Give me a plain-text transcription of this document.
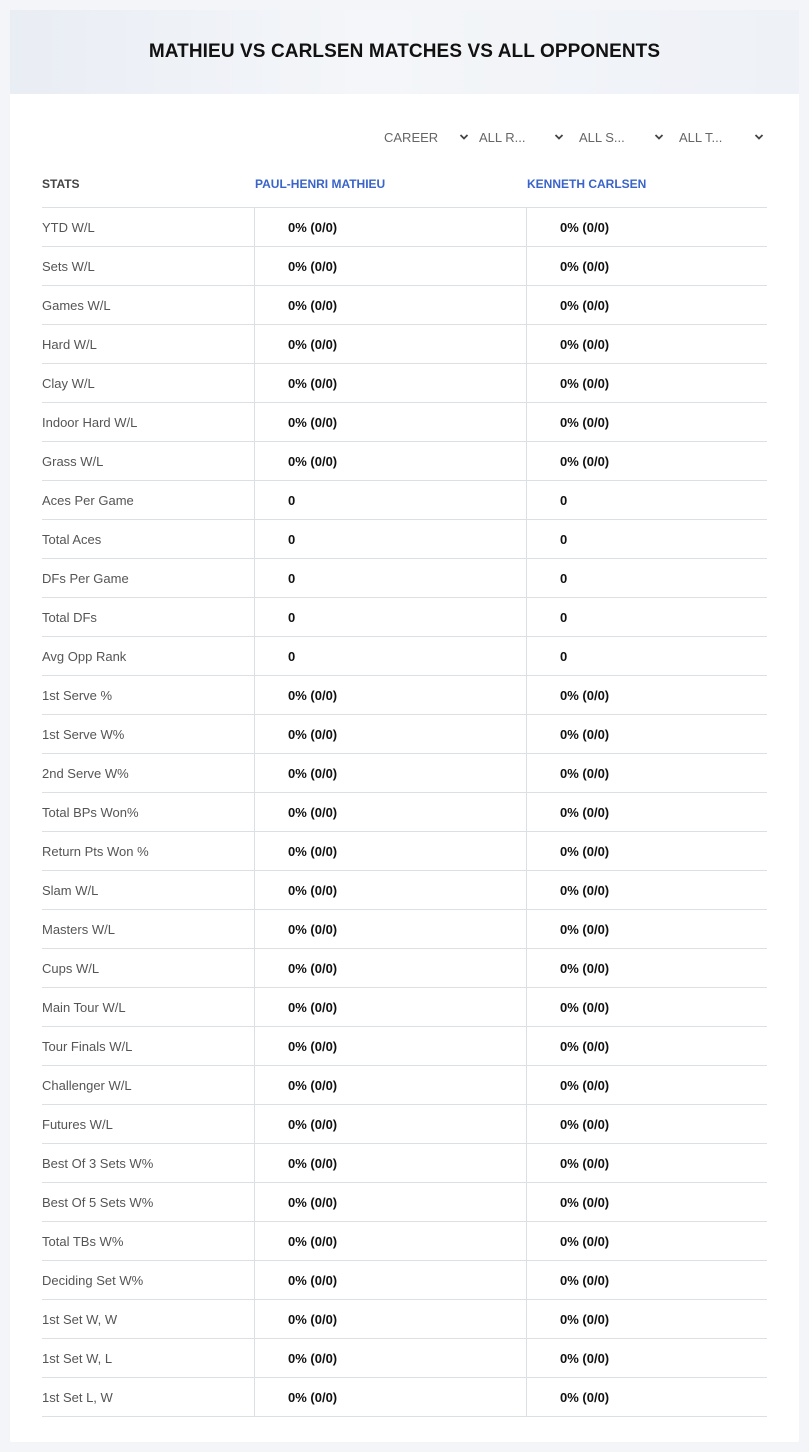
MATHIEU VS CARLSEN MATCHES VS ALL OPPONENTS
CAREER	ALL R...	ALL S...	ALL T...
STATS	PAUL-HENRI MATHIEU	KENNETH CARLSEN
YTD W/L	0% (0/0)	0% (0/0)
Sets W/L	0% (0/0)	0% (0/0)
Games W/L	0% (0/0)	0% (0/0)
Hard W/L	0% (0/0)	0% (0/0)
Clay W/L	0% (0/0)	0% (0/0)
Indoor Hard W/L	0% (0/0)	0% (0/0)
Grass W/L	0% (0/0)	0% (0/0)
Aces Per Game	0	0
Total Aces	0	0
DFs Per Game	0	0
Total DFs	0	0
Avg Opp Rank	0	0
1st Serve %	0% (0/0)	0% (0/0)
1st Serve W%	0% (0/0)	0% (0/0)
2nd Serve W%	0% (0/0)	0% (0/0)
Total BPs Won%	0% (0/0)	0% (0/0)
Return Pts Won %	0% (0/0)	0% (0/0)
Slam W/L	0% (0/0)	0% (0/0)
Masters W/L	0% (0/0)	0% (0/0)
Cups W/L	0% (0/0)	0% (0/0)
Main Tour W/L	0% (0/0)	0% (0/0)
Tour Finals W/L	0% (0/0)	0% (0/0)
Challenger W/L	0% (0/0)	0% (0/0)
Futures W/L	0% (0/0)	0% (0/0)
Best Of 3 Sets W%	0% (0/0)	0% (0/0)
Best Of 5 Sets W%	0% (0/0)	0% (0/0)
Total TBs W%	0% (0/0)	0% (0/0)
Deciding Set W%	0% (0/0)	0% (0/0)
1st Set W, W	0% (0/0)	0% (0/0)
1st Set W, L	0% (0/0)	0% (0/0)
1st Set L, W	0% (0/0)	0% (0/0)
